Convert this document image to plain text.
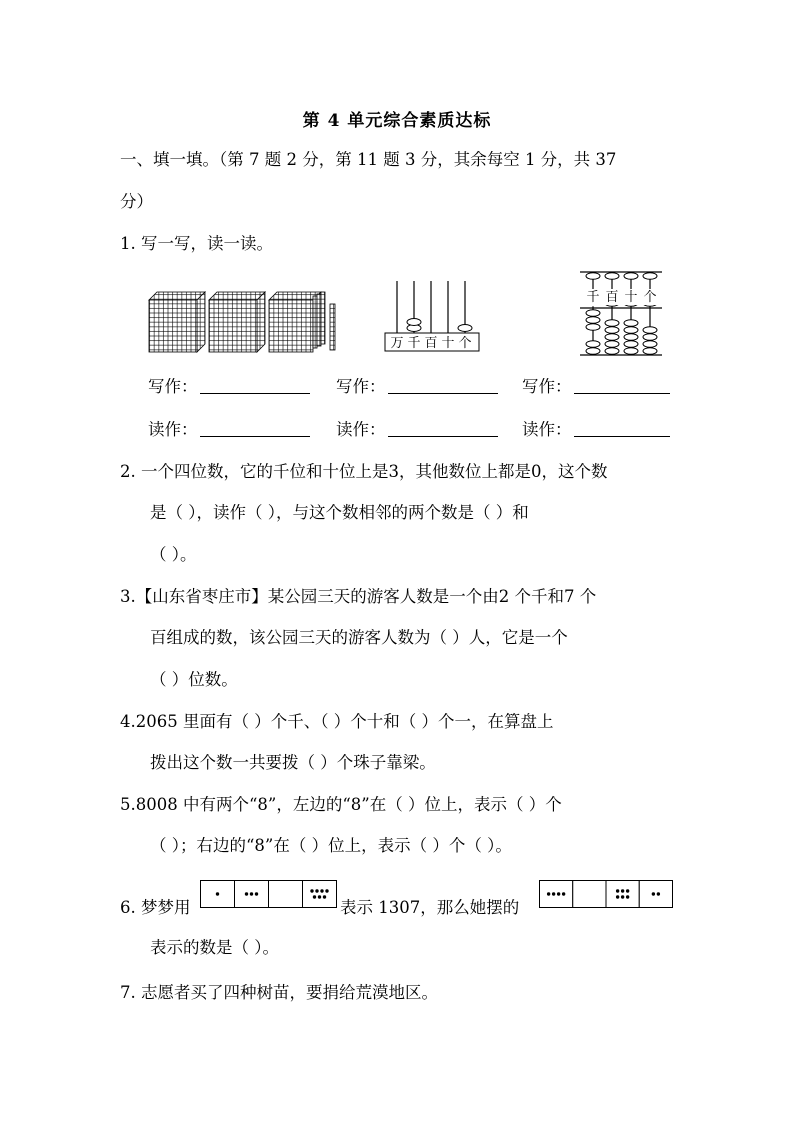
第 4 单元综合素质达标
一、填一填。（第 7 题 2 分，第 11 题 3 分，其余每空 1 分，共 37
分）
1. 写一写，读一读。
万 千 百 十 个
千 百 十 个
写作：	写作：	写作：
读作：	读作：	读作：
2. 一个四位数，它的千位和十位上是3，其他数位上都是0，这个数
是（ ），读作（ ），与这个数相邻的两个数是（ ）和
（ ）。
3.【山东省枣庄市】某公园三天的游客人数是一个由2 个千和7 个
百组成的数，该公园三天的游客人数为（ ）人，它是一个
（ ）位数。
4.2065 里面有（ ）个千、（ ）个十和（ ）个一，在算盘上
拨出这个数一共要拨（ ）个珠子靠梁。
5.8008 中有两个“8”，左边的“8”在（ ）位上，表示（ ）个
（ ）；右边的“8”在（ ）位上，表示（ ）个（ ）。
6. 梦梦用	表示 1307，那么她摆的
表示的数是（ ）。
7. 志愿者买了四种树苗，要捐给荒漠地区。
